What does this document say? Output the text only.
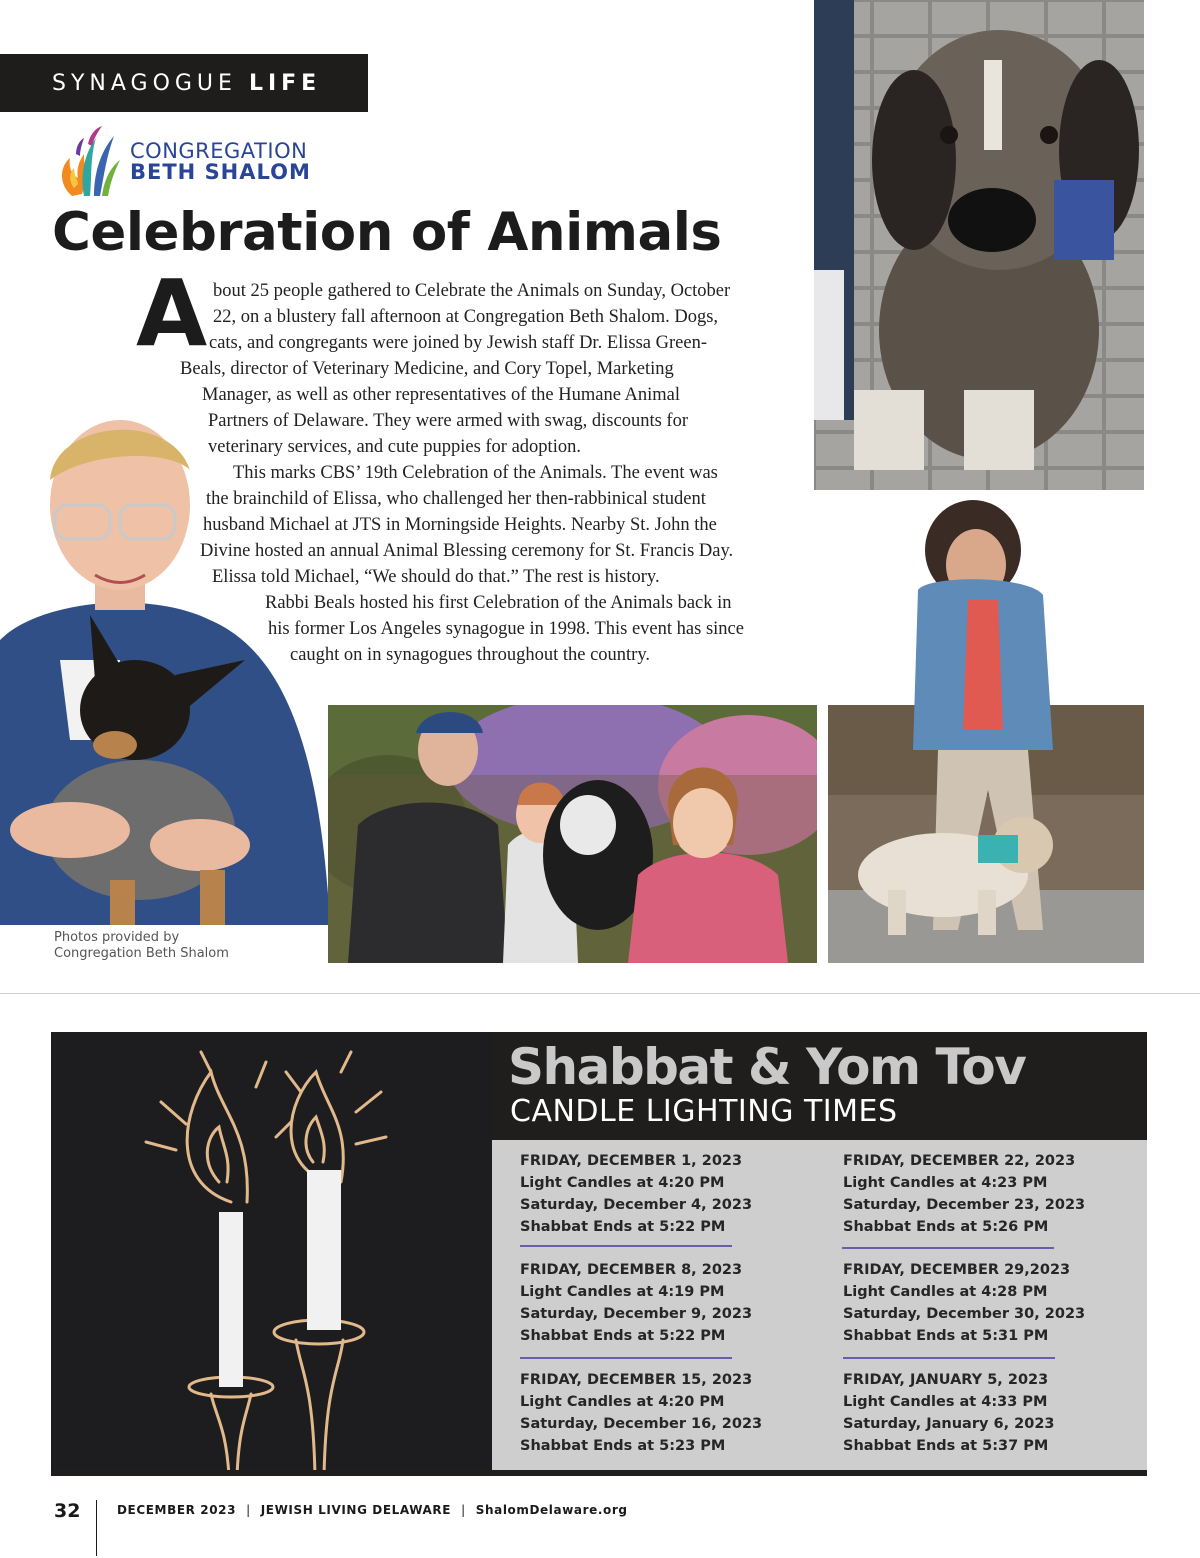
SYNAGOGUE LIFE
CONGREGATION
BETH SHALOM
Celebration of Animals
A bout 25 people gathered to Celebrate the Animals on Sunday, October
22, on a blustery fall afternoon at Congregation Beth Shalom. Dogs,
cats, and congregants were joined by Jewish staff Dr. Elissa Green-
Beals, director of Veterinary Medicine, and Cory Topel, Marketing
Manager, as well as other representatives of the Humane Animal
Partners of Delaware. They were armed with swag, discounts for
veterinary services, and cute puppies for adoption.
This marks CBS’ 19th Celebration of the Animals. The event was
the brainchild of Elissa, who challenged her then-rabbinical student
husband Michael at JTS in Morningside Heights. Nearby St. John the
Divine hosted an annual Animal Blessing ceremony for St. Francis Day.
Elissa told Michael, “We should do that.” The rest is history.
Rabbi Beals hosted his first Celebration of the Animals back in
his former Los Angeles synagogue in 1998. This event has since
caught on in synagogues throughout the country.
Photos provided by
Congregation Beth Shalom
Shabbat & Yom Tov
CANDLE LIGHTING TIMES
FRIDAY, DECEMBER 1, 2023
Light Candles at 4:20 PM
Saturday, December 4, 2023
Shabbat Ends at 5:22 PM
FRIDAY, DECEMBER 8, 2023
Light Candles at 4:19 PM
Saturday, December 9, 2023
Shabbat Ends at 5:22 PM
FRIDAY, DECEMBER 15, 2023
Light Candles at 4:20 PM
Saturday, December 16, 2023
Shabbat Ends at 5:23 PM
FRIDAY, DECEMBER 22, 2023
Light Candles at 4:23 PM
Saturday, December 23, 2023
Shabbat Ends at 5:26 PM
FRIDAY, DECEMBER 29,2023
Light Candles at 4:28 PM
Saturday, December 30, 2023
Shabbat Ends at 5:31 PM
FRIDAY, JANUARY 5, 2023
Light Candles at 4:33 PM
Saturday, January 6, 2023
Shabbat Ends at 5:37 PM
32	DECEMBER 2023 | JEWISH LIVING DELAWARE | ShalomDelaware.org
